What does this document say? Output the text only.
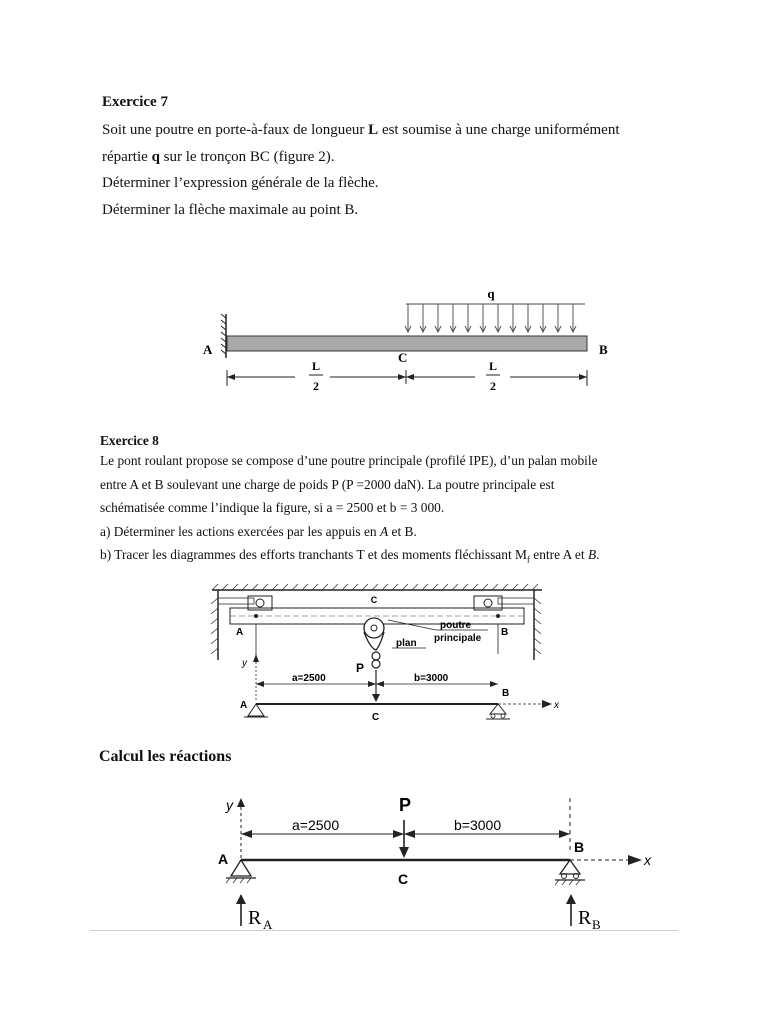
Exercice 7

Soit une poutre en porte-à-faux de longueur L est soumise à une charge uniformément

répartie q sur le tronçon BC (figure 2).

Déterminer l’expression générale de la flèche.

Déterminer la flèche maximale au point B.

q
A	B
C
L
2
L
2
Exercice 8

Le pont roulant propose se compose d’une poutre principale (profilé IPE), d’un palan mobile

entre A et B soulevant une charge de poids P (P =2000 daN). La poutre principale est

schématisée comme l’indique la figure, si a = 2500 et b = 3 000.

a) Déterminer les actions exercées par les appuis en A et B.

b) Tracer les diagrammes des efforts tranchants T et des moments fléchissant $M_f$ entre A et B.

C
A	B
poutre
principale
plan
y	P
a=2500	b=3000
x
A
B
C
Calcul les réactions
y	P
a=2500	b=3000
x
A
B
C
R A	R B
